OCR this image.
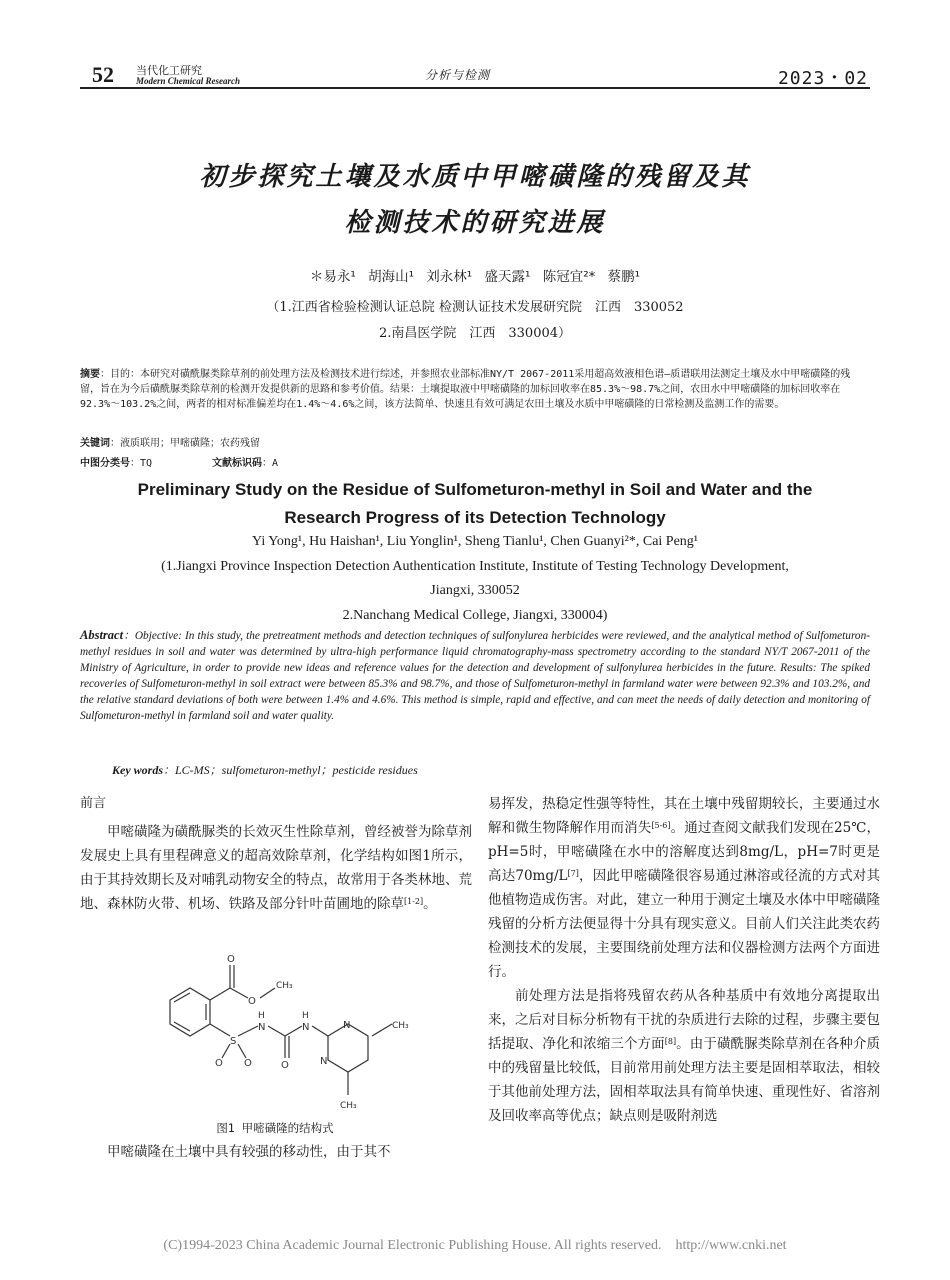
52 当代化工研究
Modern Chemical Research	分析与检测	2023・02
初步探究土壤及水质中甲嘧磺隆的残留及其
检测技术的研究进展
＊易永¹ 胡海山¹ 刘永林¹ 盛天露¹ 陈冠宜²* 蔡鹏¹
（1.江西省检验检测认证总院 检测认证技术发展研究院　江西　330052
2.南昌医学院　江西　330004）
摘要：目的：本研究对磺酰脲类除草剂的前处理方法及检测技术进行综述，并参照农业部标准NY/T 2067-2011采用超高效液相色谱—质谱联用法测定土壤及水中甲嘧磺隆的残留，旨在为今后磺酰脲类除草剂的检测开发提供新的思路和参考价值。结果：土壤提取液中甲嘧磺隆的加标回收率在85.3%～98.7%之间，农田水中甲嘧磺隆的加标回收率在92.3%～103.2%之间，两者的相对标准偏差均在1.4%～4.6%之间，该方法简单、快速且有效可满足农田土壤及水质中甲嘧磺隆的日常检测及监测工作的需要。
关键词：液质联用；甲嘧磺隆；农药残留
中图分类号：TQ	文献标识码：A
Preliminary Study on the Residue of Sulfometuron-methyl in Soil and Water and the
Research Progress of its Detection Technology
Yi Yong¹, Hu Haishan¹, Liu Yonglin¹, Sheng Tianlu¹, Chen Guanyi²*, Cai Peng¹
(1.Jiangxi Province Inspection Detection Authentication Institute, Institute of Testing Technology Development,
Jiangxi, 330052
2.Nanchang Medical College, Jiangxi, 330004)
Abstract：Objective: In this study, the pretreatment methods and detection techniques of sulfonylurea herbicides were reviewed, and the analytical method of Sulfometuron-methyl residues in soil and water was determined by ultra-high performance liquid chromatography-mass spectrometry according to the standard NY/T 2067-2011 of the Ministry of Agriculture, in order to provide new ideas and reference values for the detection and development of sulfonylurea herbicides in the future. Results: The spiked recoveries of Sulfometuron-methyl in soil extract were between 85.3% and 98.7%, and those of Sulfometuron-methyl in farmland water were between 92.3% and 103.2%, and the relative standard deviations of both were between 1.4% and 4.6%. This method is simple, rapid and effective, and can meet the needs of daily detection and monitoring of Sulfometuron-methyl in farmland soil and water quality.
Key words：LC-MS；sulfometuron-methyl；pesticide residues

前言

甲嘧磺隆为磺酰脲类的长效灭生性除草剂，曾经被誉为除草剂发展史上具有里程碑意义的超高效除草剂，化学结构如图1所示，由于其持效期长及对哺乳动物安全的特点，故常用于各类林地、荒地、森林防火带、机场、铁路及部分针叶苗圃地的除草[1-2]。

O
O
CH₃
S
O O
H
N
O
H
N	N
N
CH₃
CH₃
图1 甲嘧磺隆的结构式
甲嘧磺隆在土壤中具有较强的移动性，由于其不

易挥发，热稳定性强等特性，其在土壤中残留期较长，主要通过水解和微生物降解作用而消失[5-6]。通过查阅文献我们发现在25℃，pH=5时，甲嘧磺隆在水中的溶解度达到8mg/L，pH=7时更是高达70mg/L[7]，因此甲嘧磺隆很容易通过淋溶或径流的方式对其他植物造成伤害。对此，建立一种用于测定土壤及水体中甲嘧磺隆残留的分析方法便显得十分具有现实意义。目前人们关注此类农药检测技术的发展，主要围绕前处理方法和仪器检测方法两个方面进行。

前处理方法是指将残留农药从各种基质中有效地分离提取出来，之后对目标分析物有干扰的杂质进行去除的过程，步骤主要包括提取、净化和浓缩三个方面[8]。由于磺酰脲类除草剂在各种介质中的残留量比较低，目前常用前处理方法主要是固相萃取法，相较于其他前处理方法，固相萃取法具有简单快速、重现性好、省溶剂及回收率高等优点；缺点则是吸附剂选

(C)1994-2023 China Academic Journal Electronic Publishing House. All rights reserved.　http://www.cnki.net
